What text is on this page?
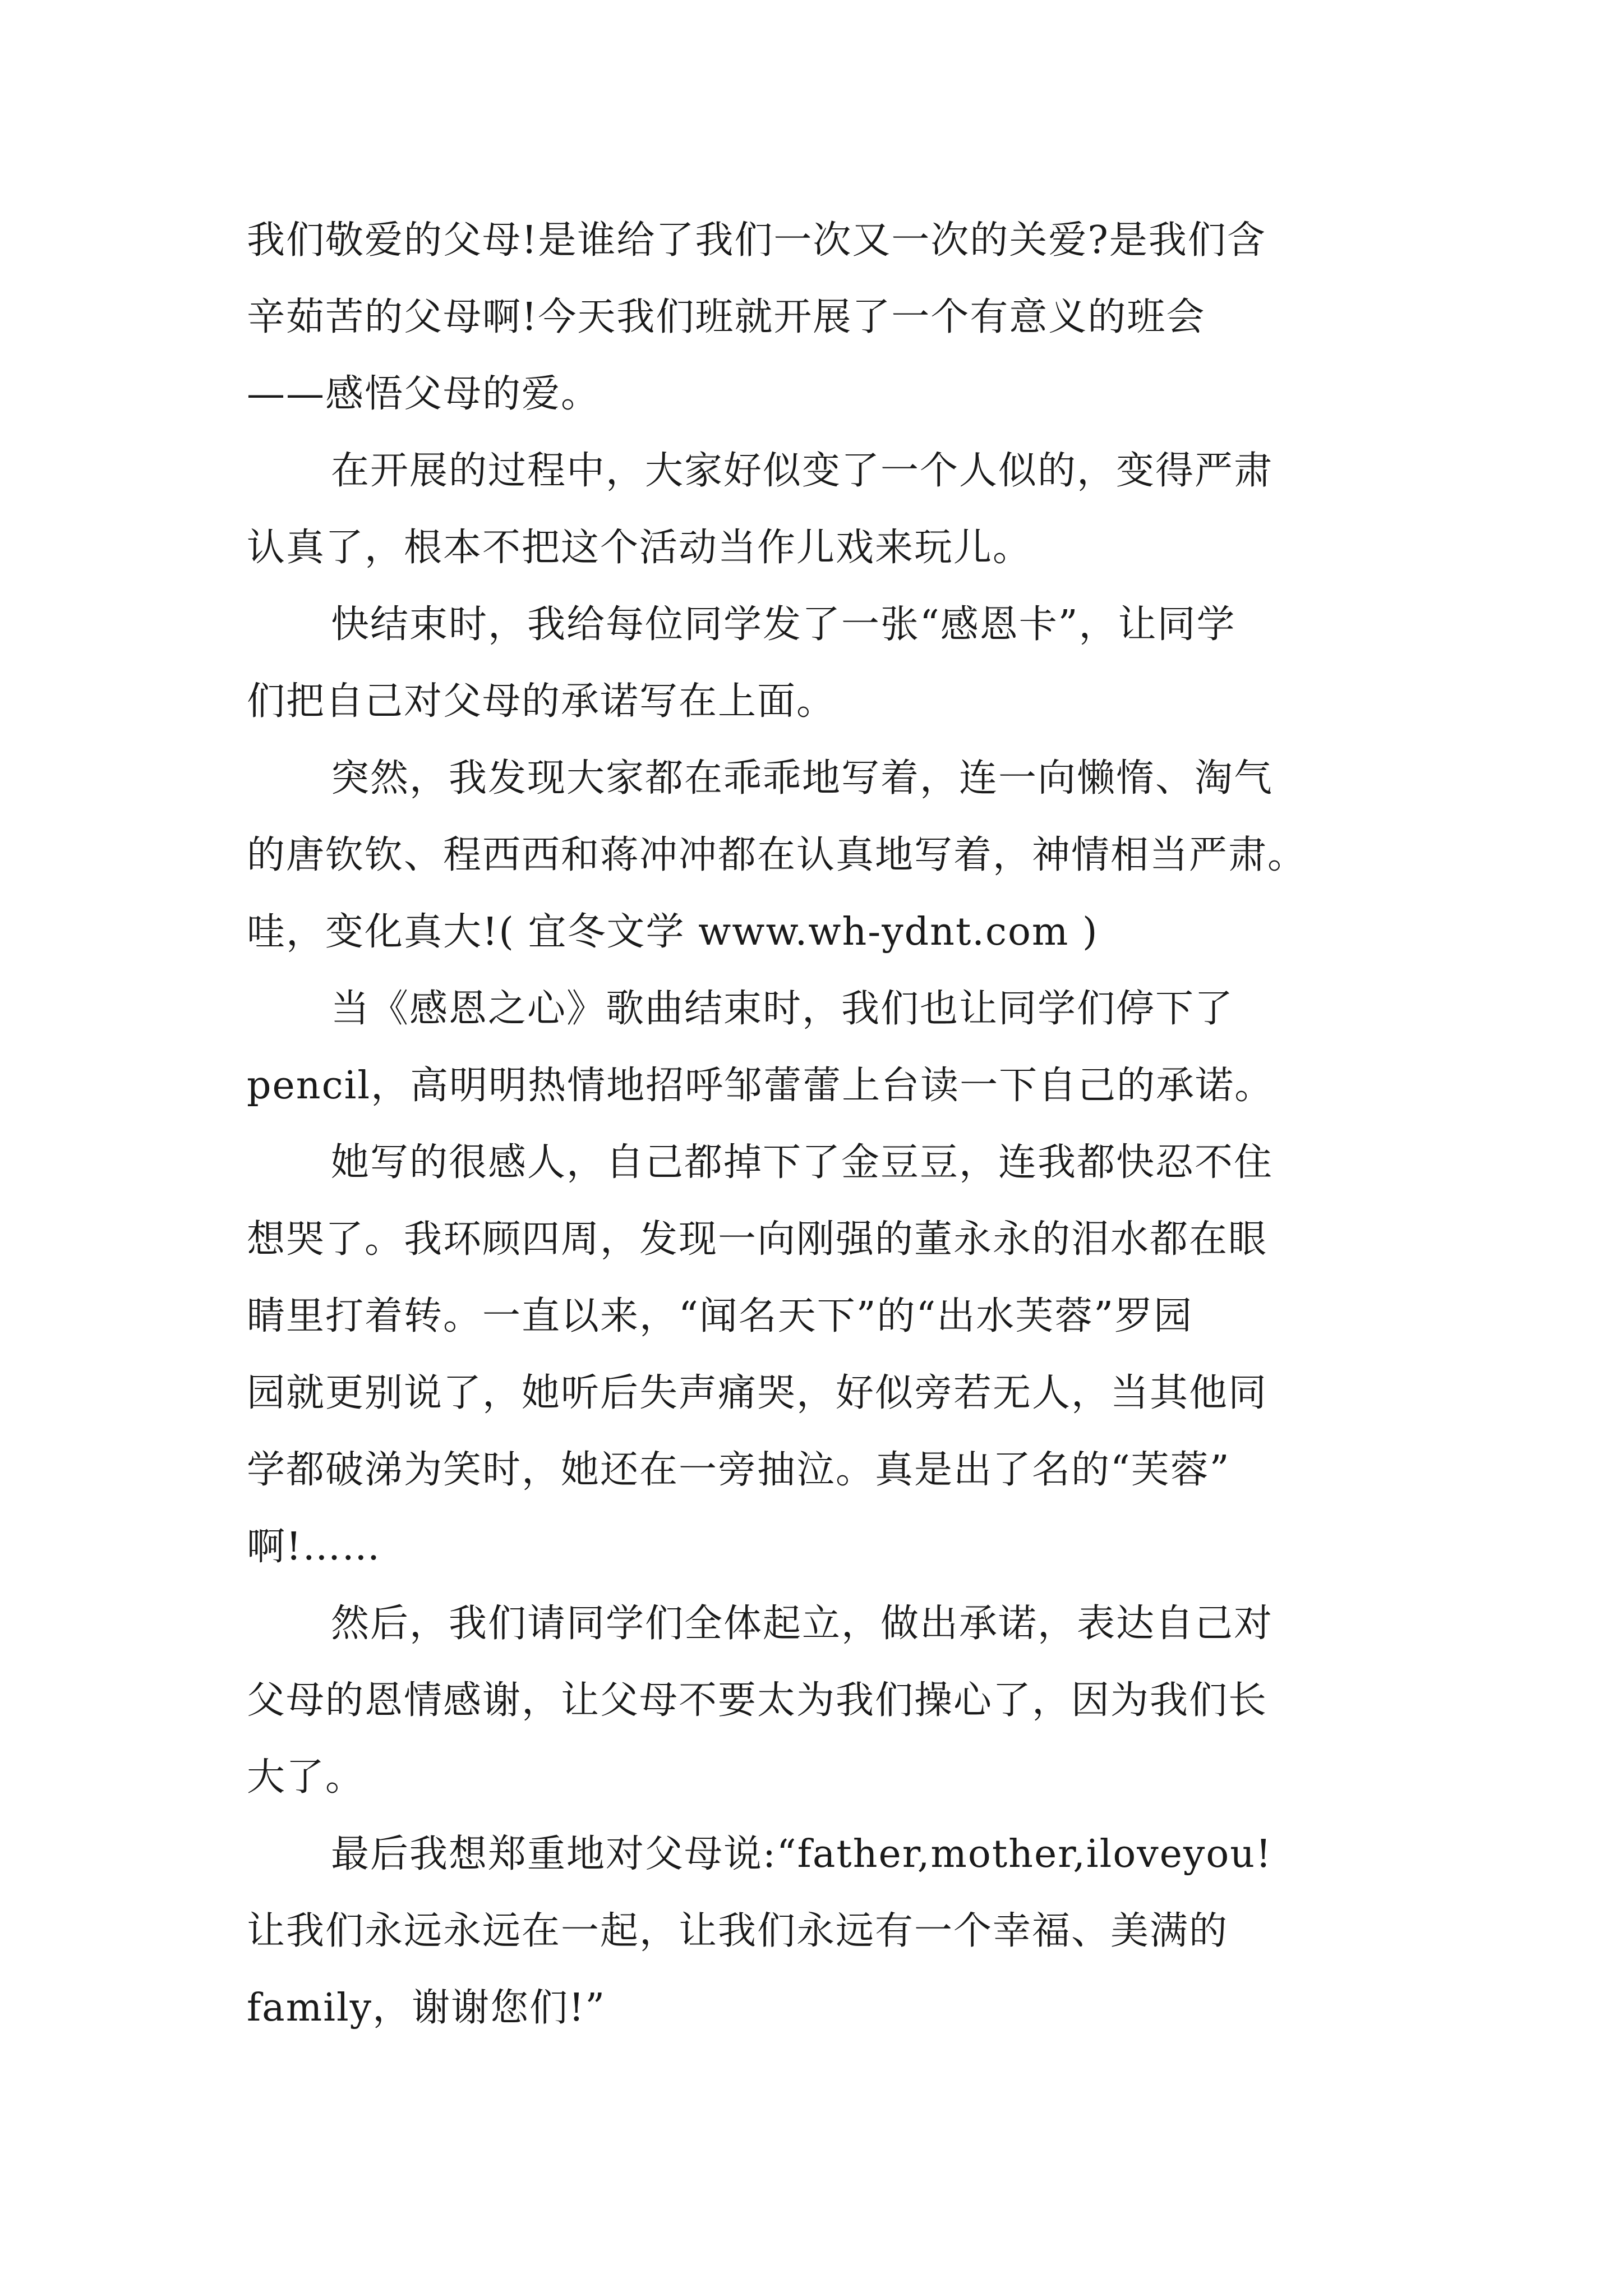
我们敬爱的父母!是谁给了我们一次又一次的关爱?是我们含
辛茹苦的父母啊!今天我们班就开展了一个有意义的班会
——感悟父母的爱。
在开展的过程中，大家好似变了一个人似的，变得严肃
认真了，根本不把这个活动当作儿戏来玩儿。
快结束时，我给每位同学发了一张“感恩卡”，让同学
们把自己对父母的承诺写在上面。
突然，我发现大家都在乖乖地写着，连一向懒惰、淘气
的唐钦钦、程西西和蒋冲冲都在认真地写着，神情相当严肃。
哇，变化真大!( 宜冬文学 www.wh-ydnt.com )
当《感恩之心》歌曲结束时，我们也让同学们停下了
pencil，高明明热情地招呼邹蕾蕾上台读一下自己的承诺。
她写的很感人，自己都掉下了金豆豆，连我都快忍不住
想哭了。我环顾四周，发现一向刚强的董永永的泪水都在眼
睛里打着转。一直以来，“闻名天下”的“出水芙蓉”罗园
园就更别说了，她听后失声痛哭，好似旁若无人，当其他同
学都破涕为笑时，她还在一旁抽泣。真是出了名的“芙蓉”
啊!……
然后，我们请同学们全体起立，做出承诺，表达自己对
父母的恩情感谢，让父母不要太为我们操心了，因为我们长
大了。
最后我想郑重地对父母说:“father,mother,iloveyou!
让我们永远永远在一起，让我们永远有一个幸福、美满的
family，谢谢您们!”
